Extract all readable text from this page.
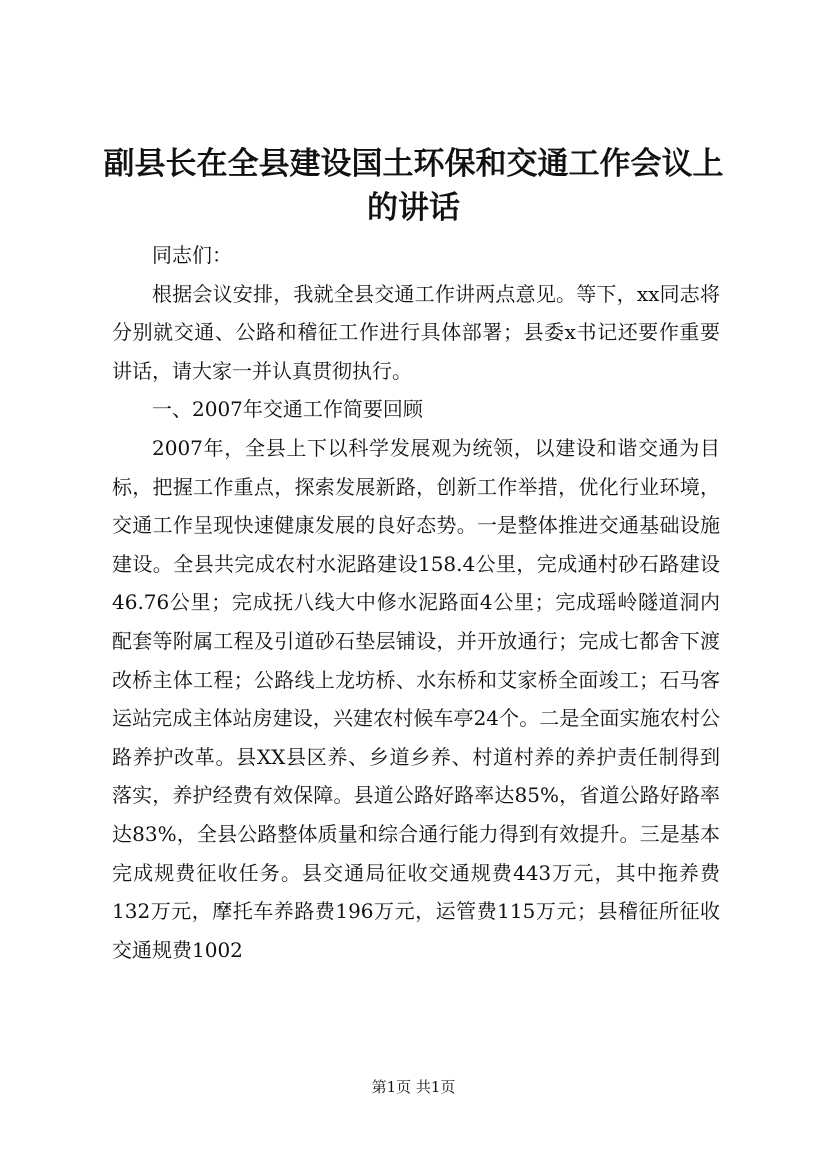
副县长在全县建设国土环保和交通工作会议上的讲话

同志们：

根据会议安排，我就全县交通工作讲两点意见。等下，xx同志将分别就交通、公路和稽征工作进行具体部署；县委x书记还要作重要讲话，请大家一并认真贯彻执行。

一、2007年交通工作简要回顾

2007年，全县上下以科学发展观为统领，以建设和谐交通为目标，把握工作重点，探索发展新路，创新工作举措，优化行业环境，交通工作呈现快速健康发展的良好态势。一是整体推进交通基础设施建设。全县共完成农村水泥路建设158.4公里，完成通村砂石路建设46.76公里；完成抚八线大中修水泥路面4公里；完成瑶岭隧道洞内配套等附属工程及引道砂石垫层铺设，并开放通行；完成七都舍下渡改桥主体工程；公路线上龙坊桥、水东桥和艾家桥全面竣工；石马客运站完成主体站房建设，兴建农村候车亭24个。二是全面实施农村公路养护改革。县XX县区养、乡道乡养、村道村养的养护责任制得到落实，养护经费有效保障。县道公路好路率达85%，省道公路好路率达83%，全县公路整体质量和综合通行能力得到有效提升。三是基本完成规费征收任务。县交通局征收交通规费443万元，其中拖养费132万元，摩托车养路费196万元，运管费115万元；县稽征所征收交通规费1002

第1页 共1页
